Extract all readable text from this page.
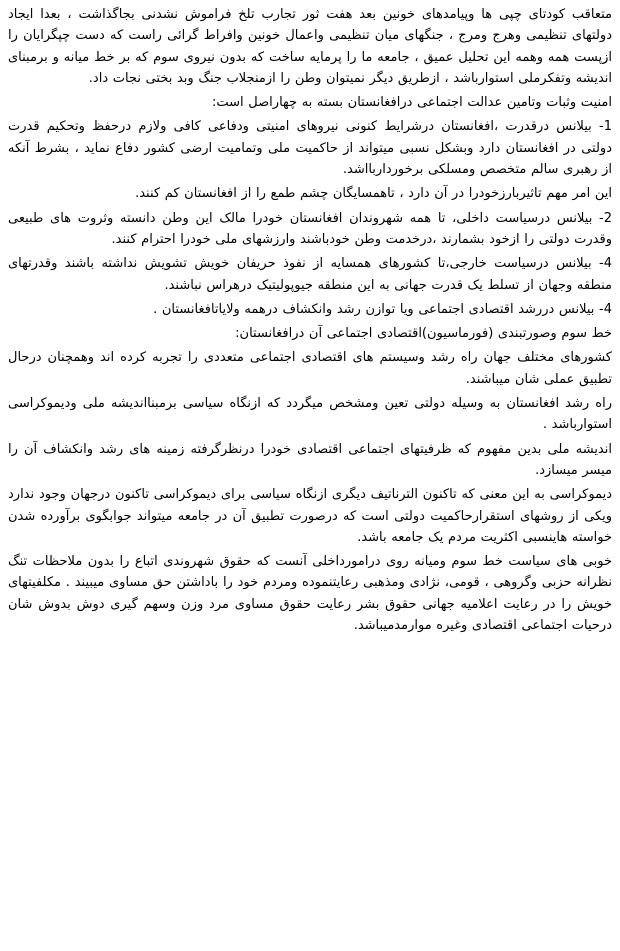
متعاقب کودتای چپی ها وپیامدهای خونین بعد هفت ثور تجارب تلخ فراموش نشدنی بجاگذاشت ، بعدا ایجاد دولتهای تنظیمی وهرج ومرج ، جنگهای میان تنظیمی واعمال خونین وافراط گرائی راست که دست چپگرایان را ازپست همه وهمه این تحلیل عمیق ، جامعه ما را پرمایه ساخت که بدون نیروی سوم که بر خط میانه و برمبنای اندیشه وتفکرملی استوارباشد ، ازطریق دیگر نمیتوان وطن را ازمنجلاب جنگ وبد بختی نجات داد.

امنیت وثبات وتامین عدالت اجتماعی درافغانستان بسته به چهاراصل است:

1- بیلانس درقدرت ،افغانستان درشرایط کنونی نیروهای امنیتی ودفاعی کافی ولازم درحفظ وتحکیم قدرت دولتی در افغانستان دارد وبشکل نسبی میتواند از حاکمیت ملی وتمامیت ارضی کشور دفاع نماید ، بشرط آنکه از رهبری سالم متخصص ومسلکی برخورداربااشد.

این امر مهم تاثیربارزخودرا در آن دارد ، تاهمسایگان چشم طمع را از افغانستان کم کنند.

2- بیلانس درسیاست داخلی، تا همه شهروندان افغانستان خودرا مالک این وطن دانسته وثروت های طبیعی وقدرت دولتی را ازخود بشمارند ،درخدمت وطن خودباشند وارزشهای ملی خودرا احترام کنند.

4- بیلانس درسیاست خارجی،تا کشورهای همسایه از نفوذ حریفان خویش تشویش نداشته باشند وقدرتهای منطقه وجهان از تسلط یک قدرت جهانی به این منطقه جیوپولیتیک درهراس نباشند.

4- بیلانس دررشد اقتصادی اجتماعی ویا توازن رشد وانکشاف درهمه ولایاتافغانستان .

خط سوم وصورتبندی (فورماسیون)اقتصادی اجتماعی آن درافغانستان:

کشورهای مختلف جهان راه رشد وسیستم های اقتصادی اجتماعی متعددی را تجربه کرده اند وهمچنان درحال تطبیق عملی شان میباشند.

راه رشد افغانستان به وسیله دولتی تعین ومشخص میگردد که ازنگاه سیاسی برمبنااندیشه ملی ودیموکراسی استوارباشد .

اندیشه ملی بدین مفهوم که ظرفیتهای اجتماعی اقتصادی خودرا درنظرگرفته زمینه های رشد وانکشاف آن را میسر میسازد.

دیموکراسی به این معنی که تاکنون الترناتیف دیگری ازنگاه سیاسی برای دیموکراسی تاکنون درجهان وجود ندارد ویکی از روشهای استقرارحاکمیت دولتی است که درصورت تطبیق آن در جامعه میتواند جوابگوی برآورده شدن خواسته هاینسبی اکثریت مردم یک جامعه باشد.

خوبی های سیاست خط سوم ومیانه روی درامورداخلی آنست که حقوق شهروندی اتباع را بدون ملاحظات تنگ نظرانه حزبی وگروهی ، قومی، نژادی ومذهبی رعایتنموده ومردم خود را باداشتن حق مساوی میبیند . مکلفیتهای خویش را در رعایت اعلامیه جهانی حقوق بشر رعایت حقوق مساوی مرد وزن وسهم گیری دوش بدوش شان درحیات اجتماعی اقتصادی وغیره موارمدمیباشد.
